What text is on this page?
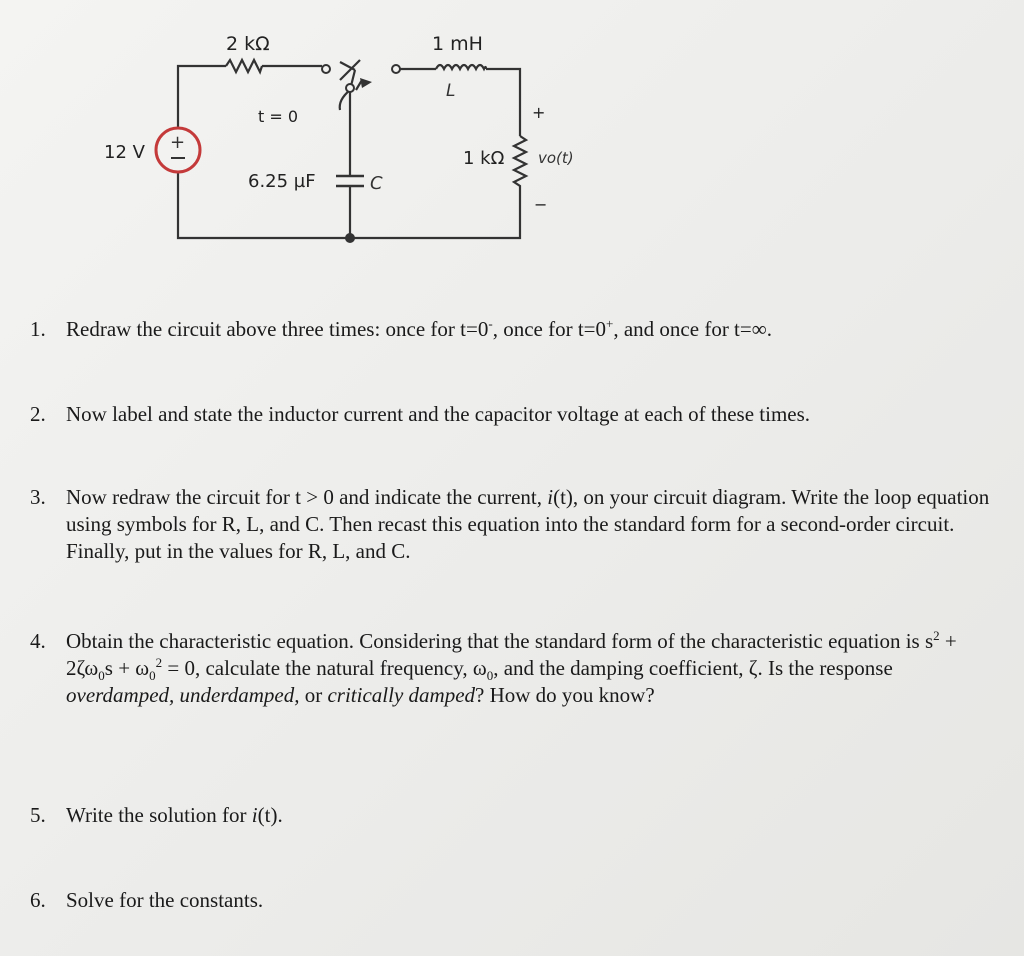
2 kΩ
t = 0
1 mH
L
+
12 V
6.25 µF	C
1 kΩ
+
−
vo(t)
1. Redraw the circuit above three times: once for t=0-, once for t=0+, and once for t=∞.
2. Now label and state the inductor current and the capacitor voltage at each of these times.
3. Now redraw the circuit for t > 0 and indicate the current, i(t), on your circuit diagram. Write the loop equation using symbols for R, L, and C. Then recast this equation into the standard form for a second-order circuit. Finally, put in the values for R, L, and C.
4. Obtain the characteristic equation. Considering that the standard form of the characteristic equation is $s^2 + 2\zeta\omega_0s + \omega_0^2 = 0$, calculate the natural frequency, $\omega_0$, and the damping coefficient, ζ. Is the response overdamped, underdamped, or critically damped? How do you know?
5. Write the solution for i(t).
6. Solve for the constants.
